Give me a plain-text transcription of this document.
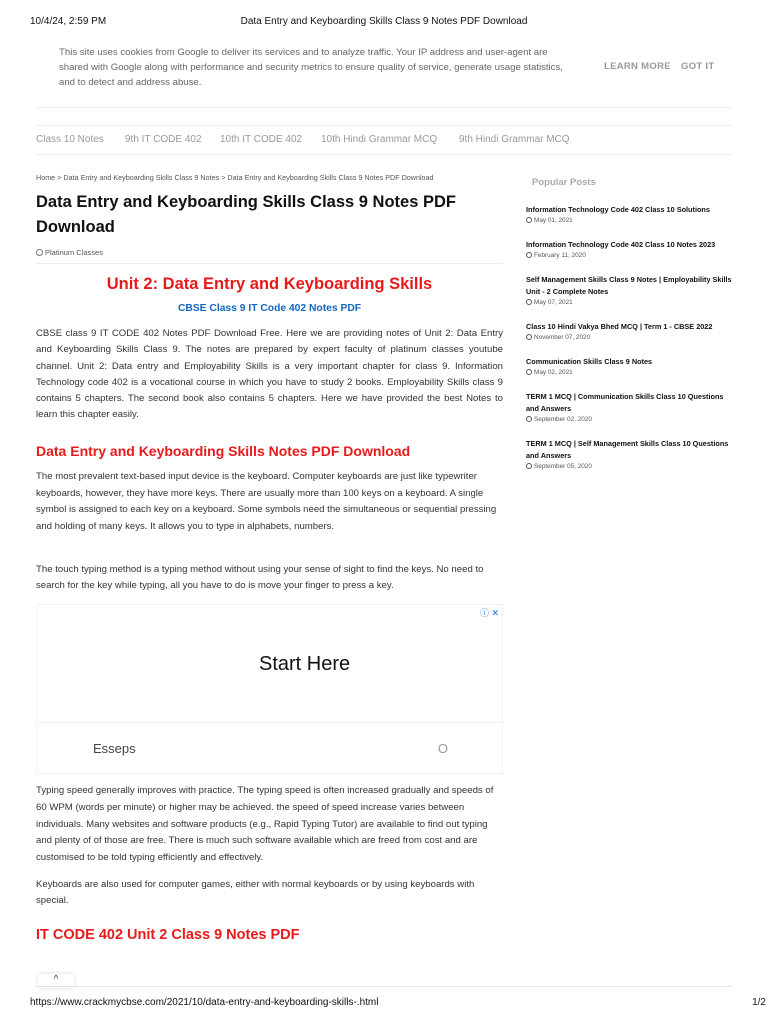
10/4/24, 2:59 PM	Data Entry and Keyboarding Skills Class 9 Notes PDF Download
This site uses cookies from Google to deliver its services and to analyze traffic. Your IP address and user-agent are shared with Google along with performance and security metrics to ensure quality of service, generate usage statistics, and to detect and address abuse.
LEARN MORE GOT IT
Class 10 Notes 9th IT CODE 402 10th IT CODE 402 10th Hindi Grammar MCQ 9th Hindi Grammar MCQ
Home > Data Entry and Keyboarding Skills Class 9 Notes > Data Entry and Keyboarding Skills Class 9 Notes PDF Download
Data Entry and Keyboarding Skills Class 9 Notes PDF Download
Platinum Classes
Unit 2: Data Entry and Keyboarding Skills
CBSE Class 9 IT Code 402 Notes PDF

CBSE class 9 IT CODE 402 Notes PDF Download Free. Here we are providing notes of Unit 2: Data Entry and Keyboarding Skills Class 9. The notes are prepared by expert faculty of platinum classes youtube channel. Unit 2: Data entry and Employability Skills is a very important chapter for class 9. Information Technology code 402 is a vocational course in which you have to study 2 books. Employability Skills class 9 contains 5 chapters. The second book also contains 5 chapters. Here we have provided the best Notes to learn this chapter easily.

Data Entry and Keyboarding Skills Notes PDF Download

The most prevalent text-based input device is the keyboard. Computer keyboards are just like typewriter keyboards, however, they have more keys. There are usually more than 100 keys on a keyboard. A single symbol is assigned to each key on a keyboard. Some symbols need the simultaneous or sequential pressing and holding of many keys. It allows you to type in alphabets, numbers.

The touch typing method is a typing method without using your sense of sight to find the keys. No need to search for the key while typing, all you have to do is move your finger to press a key.

ⓘ ✕
Start Here
Esseps	O

Typing speed generally improves with practice. The typing speed is often increased gradually and speeds of 60 WPM (words per minute) or higher may be achieved. the speed of speed increase varies between individuals. Many websites and software products (e.g., Rapid Typing Tutor) are available to find out typing and plenty of of those are free. There is much such software available which are freed from cost and are customised to be told typing efficiently and effectively.

Keyboards are also used for computer games, either with normal keyboards or by using keyboards with special.

IT CODE 402 Unit 2 Class 9 Notes PDF
Popular Posts
Information Technology Code 402 Class 10 Solutions
May 01, 2021
Information Technology Code 402 Class 10 Notes 2023
February 11, 2020
Self Management Skills Class 9 Notes | Employability Skills Unit - 2 Complete Notes
May 07, 2021
Class 10 Hindi Vakya Bhed MCQ | Term 1 - CBSE 2022
November 07, 2020
Communication Skills Class 9 Notes
May 02, 2021
TERM 1 MCQ | Communication Skills Class 10 Questions and Answers
September 02, 2020
TERM 1 MCQ | Self Management Skills Class 10 Questions and Answers
September 05, 2020
^
https://www.crackmycbse.com/2021/10/data-entry-and-keyboarding-skills-.html	1/2
